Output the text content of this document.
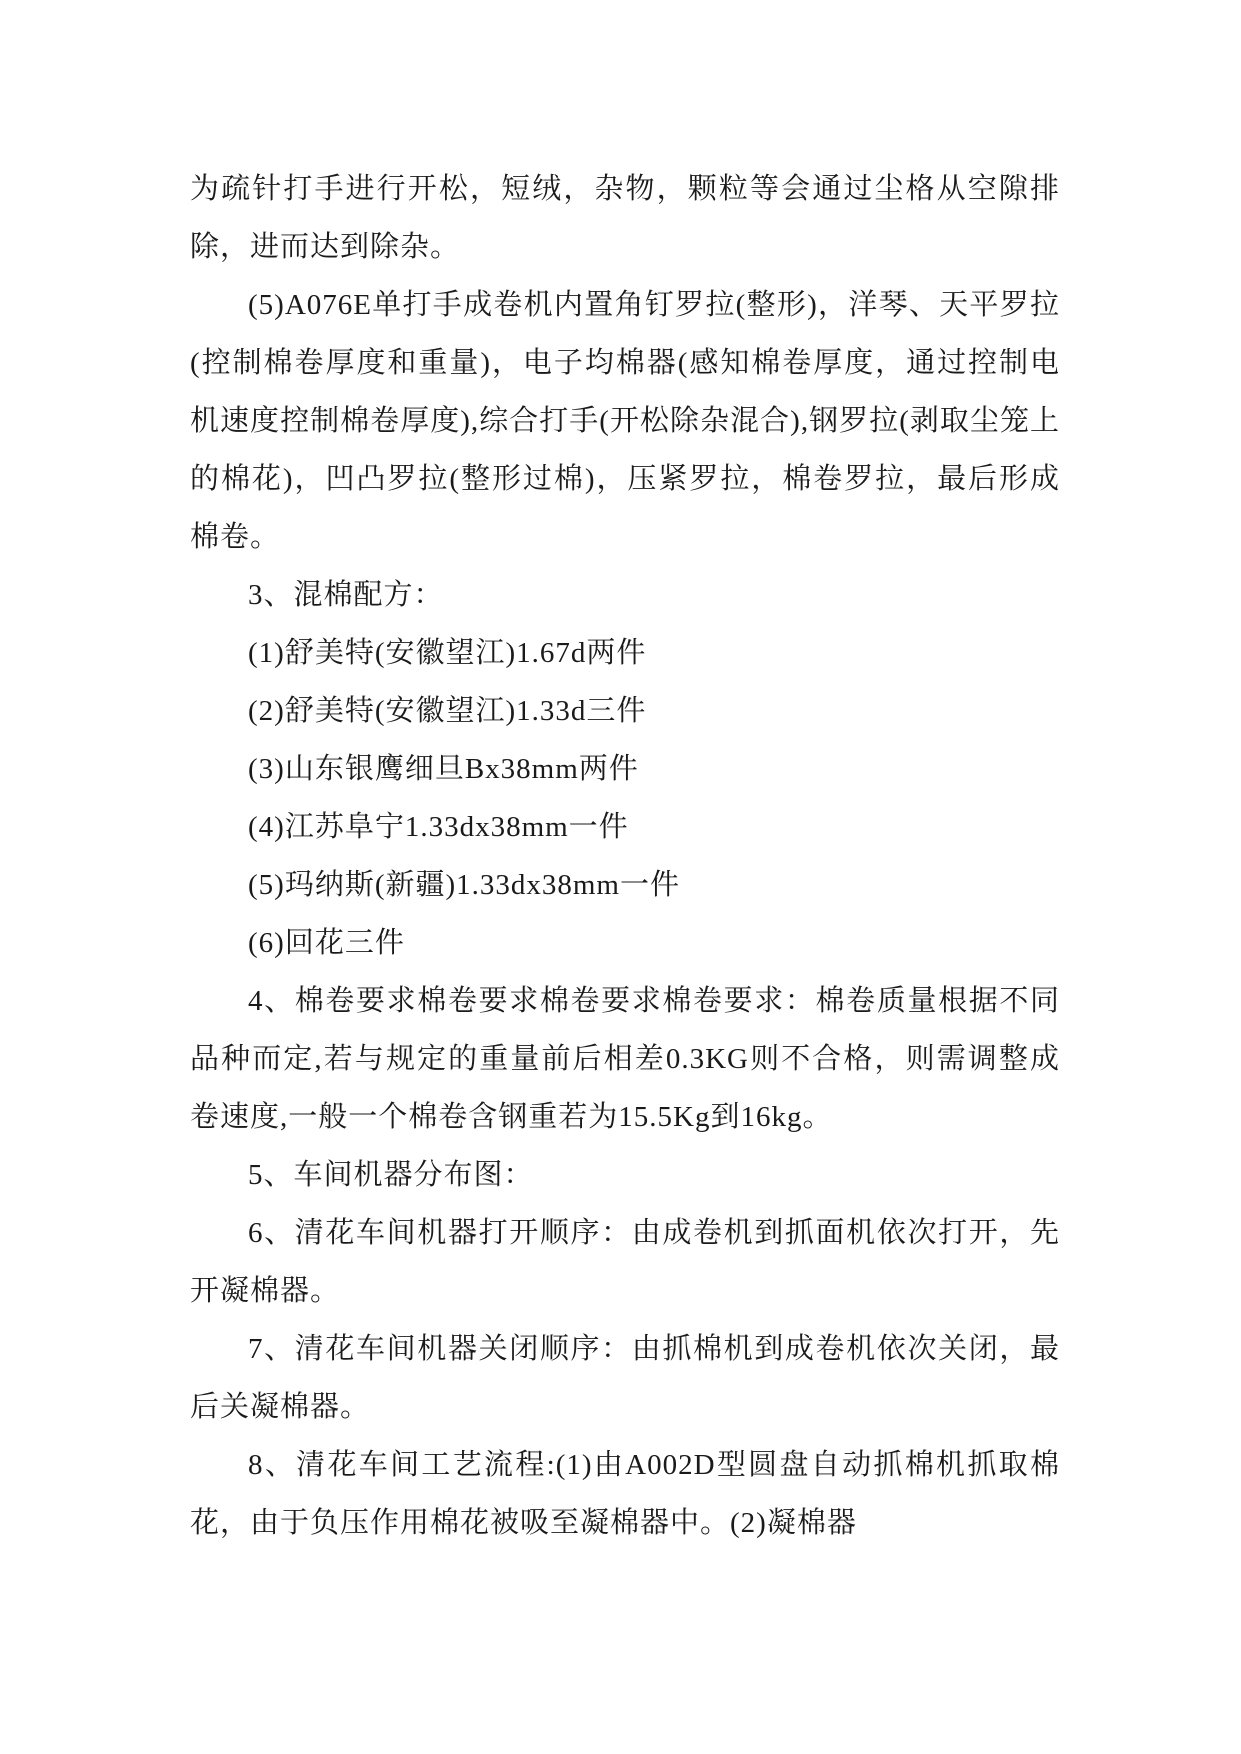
为疏针打手进行开松，短绒，杂物，颗粒等会通过尘格从空隙排除，进而达到除杂。

(5)A076E单打手成卷机内置角钉罗拉(整形)，洋琴、天平罗拉(控制棉卷厚度和重量)，电子均棉器(感知棉卷厚度，通过控制电机速度控制棉卷厚度),综合打手(开松除杂混合),钢罗拉(剥取尘笼上的棉花)，凹凸罗拉(整形过棉)，压紧罗拉，棉卷罗拉，最后形成棉卷。

3、混棉配方：

(1)舒美特(安徽望江)1.67d两件

(2)舒美特(安徽望江)1.33d三件

(3)山东银鹰细旦Bx38mm两件

(4)江苏阜宁1.33dx38mm一件

(5)玛纳斯(新疆)1.33dx38mm一件

(6)回花三件

4、棉卷要求棉卷要求棉卷要求棉卷要求：棉卷质量根据不同品种而定,若与规定的重量前后相差0.3KG则不合格，则需调整成卷速度,一般一个棉卷含钢重若为15.5Kg到16kg。

5、车间机器分布图：

6、清花车间机器打开顺序：由成卷机到抓面机依次打开，先开凝棉器。

7、清花车间机器关闭顺序：由抓棉机到成卷机依次关闭，最后关凝棉器。

8、清花车间工艺流程:(1)由A002D型圆盘自动抓棉机抓取棉花，由于负压作用棉花被吸至凝棉器中。(2)凝棉器
